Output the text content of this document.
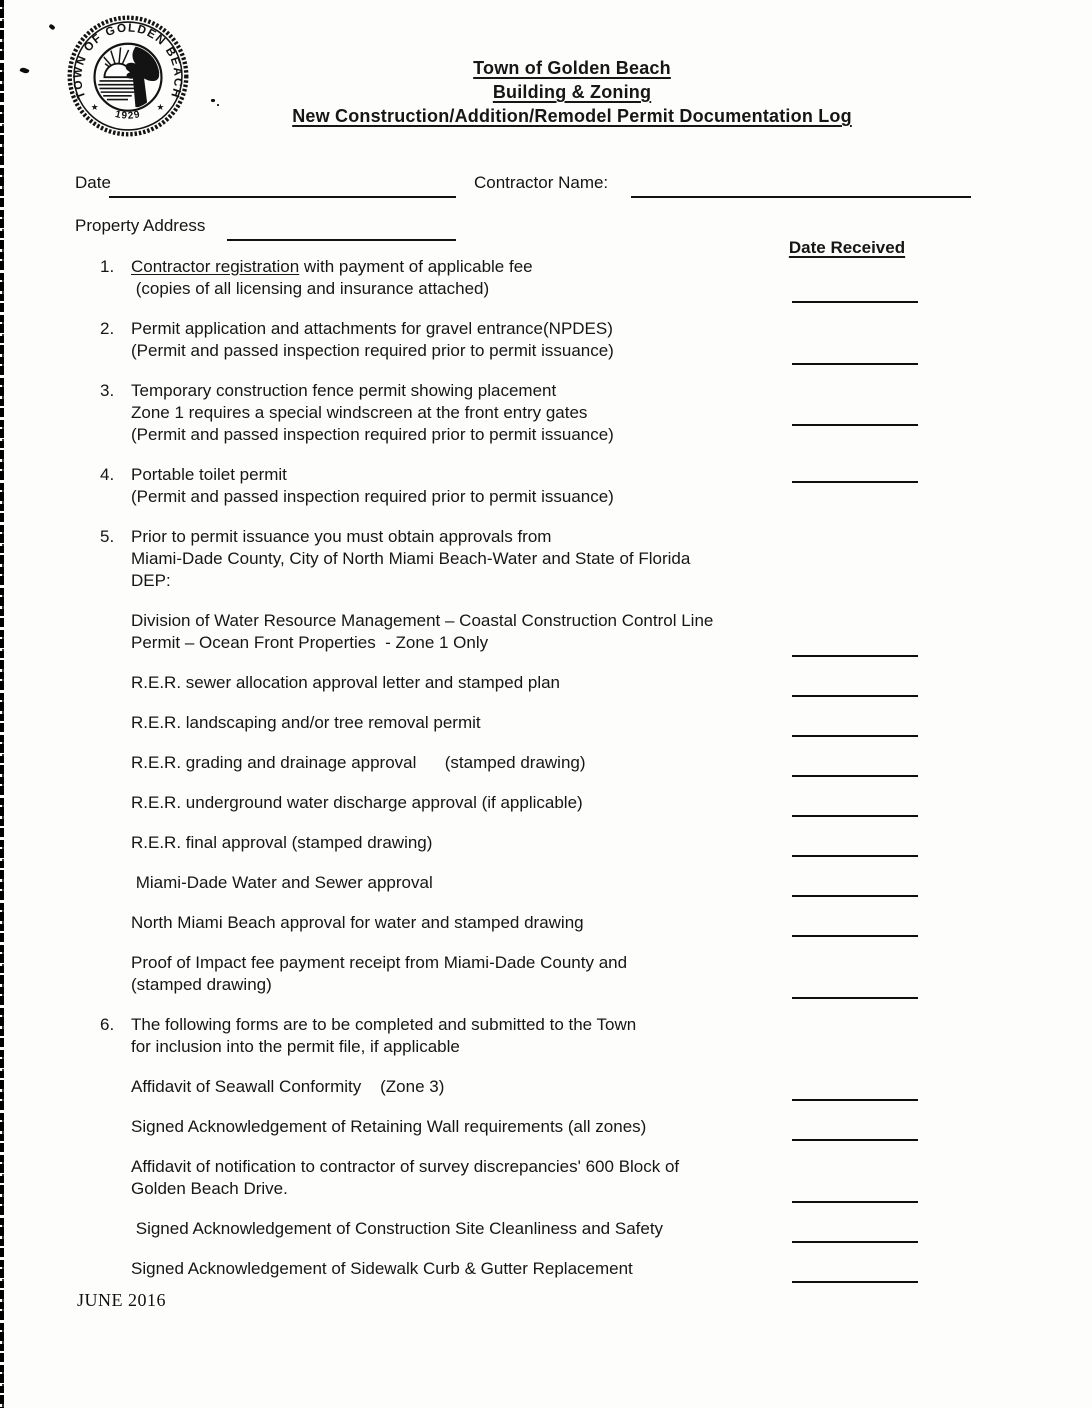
TOWN OF GOLDEN BEACH
1929
★	★
Town of Golden Beach
Building & Zoning
New Construction/Addition/Remodel Permit Documentation Log
Date	Contractor Name:
Property Address
Date Received
1. Contractor registration with payment of applicable fee
(copies of all licensing and insurance attached)
2. Permit application and attachments for gravel entrance(NPDES)
(Permit and passed inspection required prior to permit issuance)
3. Temporary construction fence permit showing placement
Zone 1 requires a special windscreen at the front entry gates
(Permit and passed inspection required prior to permit issuance)
4. Portable toilet permit
(Permit and passed inspection required prior to permit issuance)
5. Prior to permit issuance you must obtain approvals from
Miami-Dade County, City of North Miami Beach-Water and State of Florida
DEP:
Division of Water Resource Management – Coastal Construction Control Line
Permit – Ocean Front Properties  - Zone 1 Only
R.E.R. sewer allocation approval letter and stamped plan
R.E.R. landscaping and/or tree removal permit
R.E.R. grading and drainage approval      (stamped drawing)
R.E.R. underground water discharge approval (if applicable)
R.E.R. final approval (stamped drawing)
Miami-Dade Water and Sewer approval
North Miami Beach approval for water and stamped drawing
Proof of Impact fee payment receipt from Miami-Dade County and
(stamped drawing)
6. The following forms are to be completed and submitted to the Town
for inclusion into the permit file, if applicable
Affidavit of Seawall Conformity    (Zone 3)
Signed Acknowledgement of Retaining Wall requirements (all zones)
Affidavit of notification to contractor of survey discrepancies' 600 Block of
Golden Beach Drive.
Signed Acknowledgement of Construction Site Cleanliness and Safety
Signed Acknowledgement of Sidewalk Curb & Gutter Replacement
JUNE 2016
